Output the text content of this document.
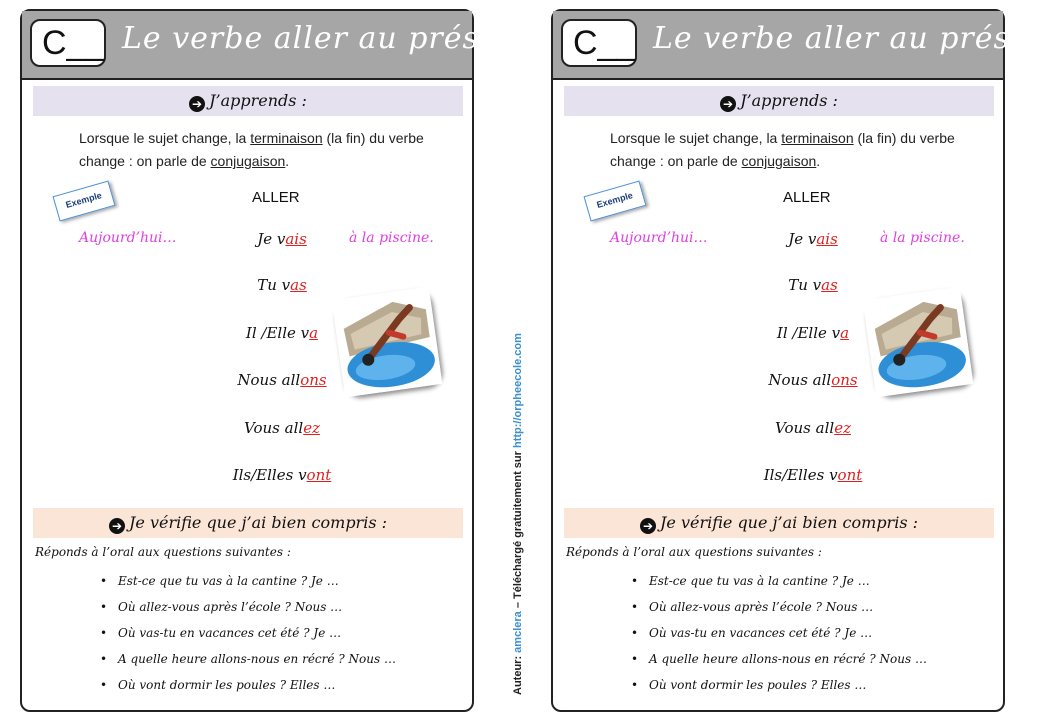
C__ Le verbe aller au présent
➔ J’apprends :
Lorsque le sujet change, la terminaison (la fin) du verbe change : on parle de conjugaison.
Exemple	ALLER
Aujourd’hui…	à la piscine.
Je vais
Tu vas
Il /Elle va
Nous allons
Vous allez
Ils/Elles vont
➔ Je vérifie que j’ai bien compris :
Réponds à l’oral aux questions suivantes :
• Est-ce que tu vas à la cantine ? Je …
• Où allez-vous après l’école ? Nous …
• Où vas-tu en vacances cet été ? Je …
• A quelle heure allons-nous en récré ? Nous …
• Où vont dormir les poules ? Elles …	Auteur: amclera – Téléchargé gratuitement sur http://orpheecole.com
C__ Le verbe aller au présent
➔ J’apprends :
Lorsque le sujet change, la terminaison (la fin) du verbe change : on parle de conjugaison.
Exemple	ALLER
Aujourd’hui…	à la piscine.
Je vais
Tu vas
Il /Elle va
Nous allons
Vous allez
Ils/Elles vont
➔ Je vérifie que j’ai bien compris :
Réponds à l’oral aux questions suivantes :
• Est-ce que tu vas à la cantine ? Je …
• Où allez-vous après l’école ? Nous …
• Où vas-tu en vacances cet été ? Je …
• A quelle heure allons-nous en récré ? Nous …
• Où vont dormir les poules ? Elles …
